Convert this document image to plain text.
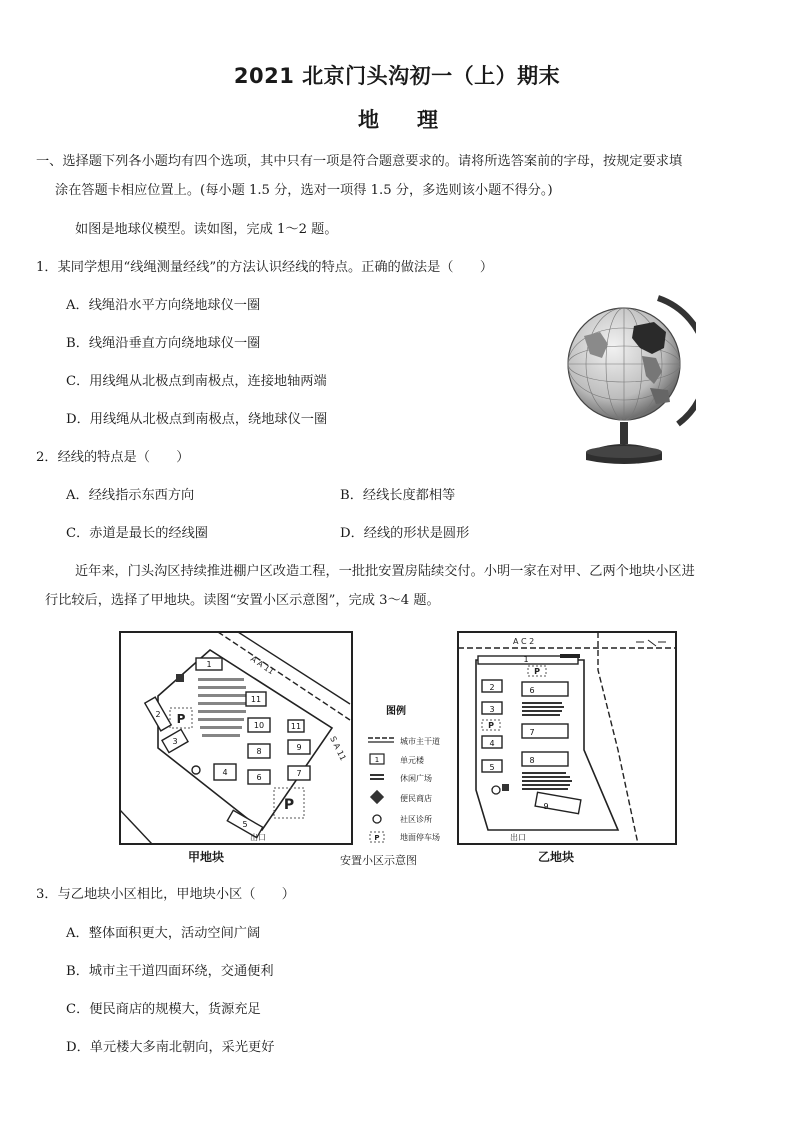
2021 北京门头沟初一（上）期末
地理
一、选择题下列各小题均有四个选项，其中只有一项是符合题意要求的。请将所选答案前的字母，按规定要求填
涂在答题卡相应位置上。(每小题 1.5 分，选对一项得 1.5 分，多选则该小题不得分。)
如图是地球仪模型。读如图，完成 1～2 题。
1．某同学想用“线绳测量经线”的方法认识经线的特点。正确的做法是（　　）
A．线绳沿水平方向绕地球仪一圈
B．线绳沿垂直方向绕地球仪一圈
C．用线绳从北极点到南极点，连接地轴两端
D．用线绳从北极点到南极点，绕地球仪一圈
2．经线的特点是（　　）
A．经线指示东西方向	B．经线长度都相等
C．赤道是最长的经线圈	D．经线的形状是圆形
近年来，门头沟区持续推进棚户区改造工程，一批批安置房陆续交付。小明一家在对甲、乙两个地块小区进
行比较后，选择了甲地块。读图“安置小区示意图”，完成 3～4 题。
1
2
3
4
5
6	7
8	9
10
11
11
P
P
出口
A A 11
S A 11
图例
城市主干道
1	单元楼
休闲广场
便民商店
社区诊所
P	地面停车场
1
2
3
4
5
6
7
8
9
P
P
出口
A C 2
甲地块	安置小区示意图	乙地块
3．与乙地块小区相比，甲地块小区（　　）
A．整体面积更大，活动空间广阔
B．城市主干道四面环绕，交通便利
C．便民商店的规模大，货源充足
D．单元楼大多南北朝向，采光更好
